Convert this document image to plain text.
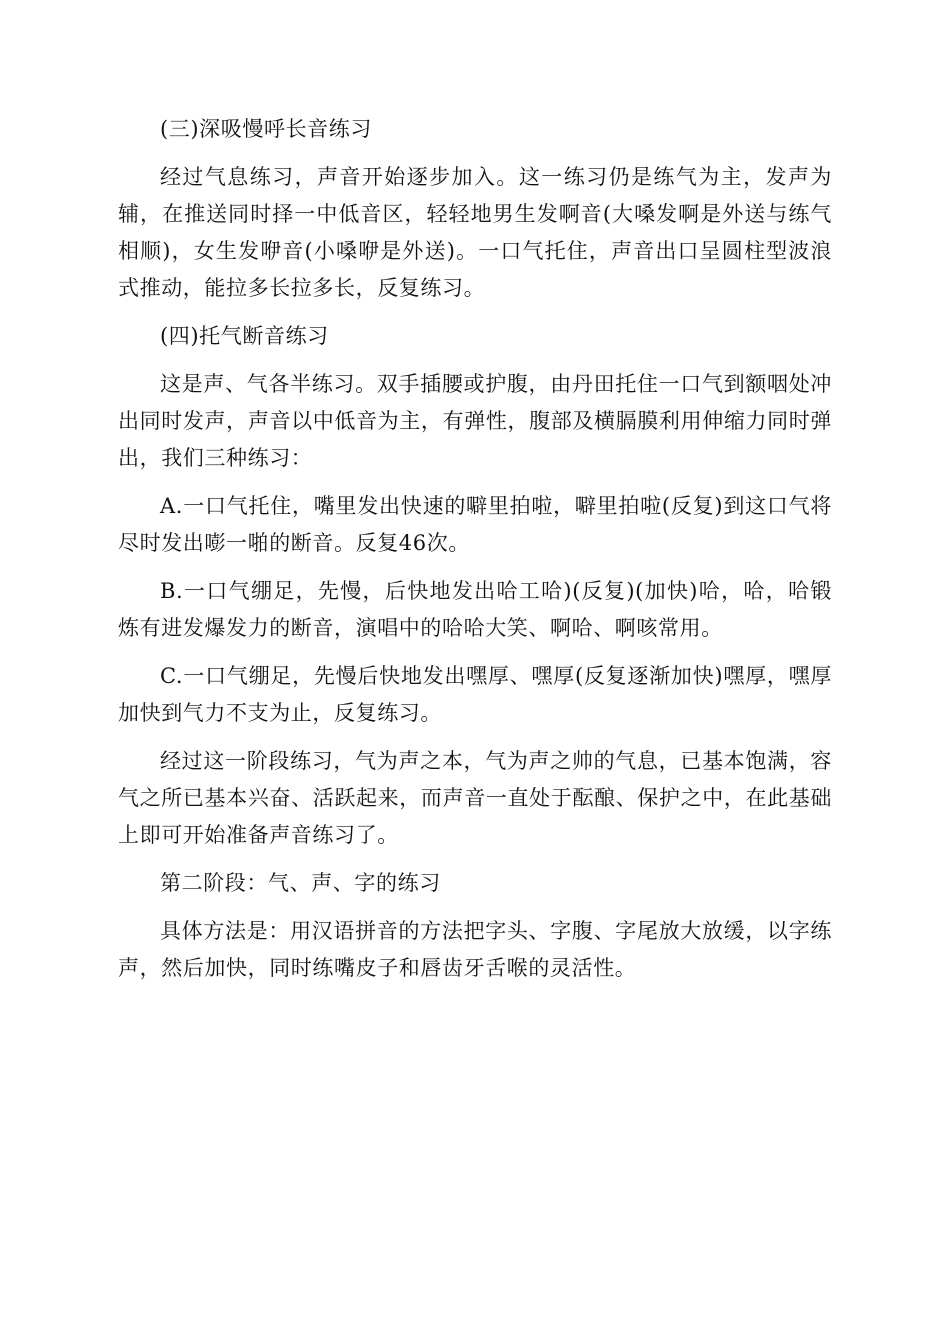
(三)深吸慢呼长音练习

经过气息练习，声音开始逐步加入。这一练习仍是练气为主，发声为辅，在推送同时择一中低音区，轻轻地男生发啊音(大嗓发啊是外送与练气相顺)，女生发咿音(小嗓咿是外送)。一口气托住，声音出口呈圆柱型波浪式推动，能拉多长拉多长，反复练习。

(四)托气断音练习

这是声、气各半练习。双手插腰或护腹，由丹田托住一口气到额咽处冲出同时发声，声音以中低音为主，有弹性，腹部及横膈膜利用伸缩力同时弹出，我们三种练习：

A.一口气托住，嘴里发出快速的噼里拍啦，噼里拍啦(反复)到这口气将尽时发出嘭一啪的断音。反复46次。

B.一口气绷足，先慢，后快地发出哈工哈)(反复)(加快)哈，哈，哈锻炼有进发爆发力的断音，演唱中的哈哈大笑、啊哈、啊咳常用。

C.一口气绷足，先慢后快地发出嘿厚、嘿厚(反复逐渐加快)嘿厚，嘿厚加快到气力不支为止，反复练习。

经过这一阶段练习，气为声之本，气为声之帅的气息，已基本饱满，容气之所已基本兴奋、活跃起来，而声音一直处于酝酿、保护之中，在此基础上即可开始准备声音练习了。

第二阶段：气、声、字的练习

具体方法是：用汉语拼音的方法把字头、字腹、字尾放大放缓，以字练声，然后加快，同时练嘴皮子和唇齿牙舌喉的灵活性。
